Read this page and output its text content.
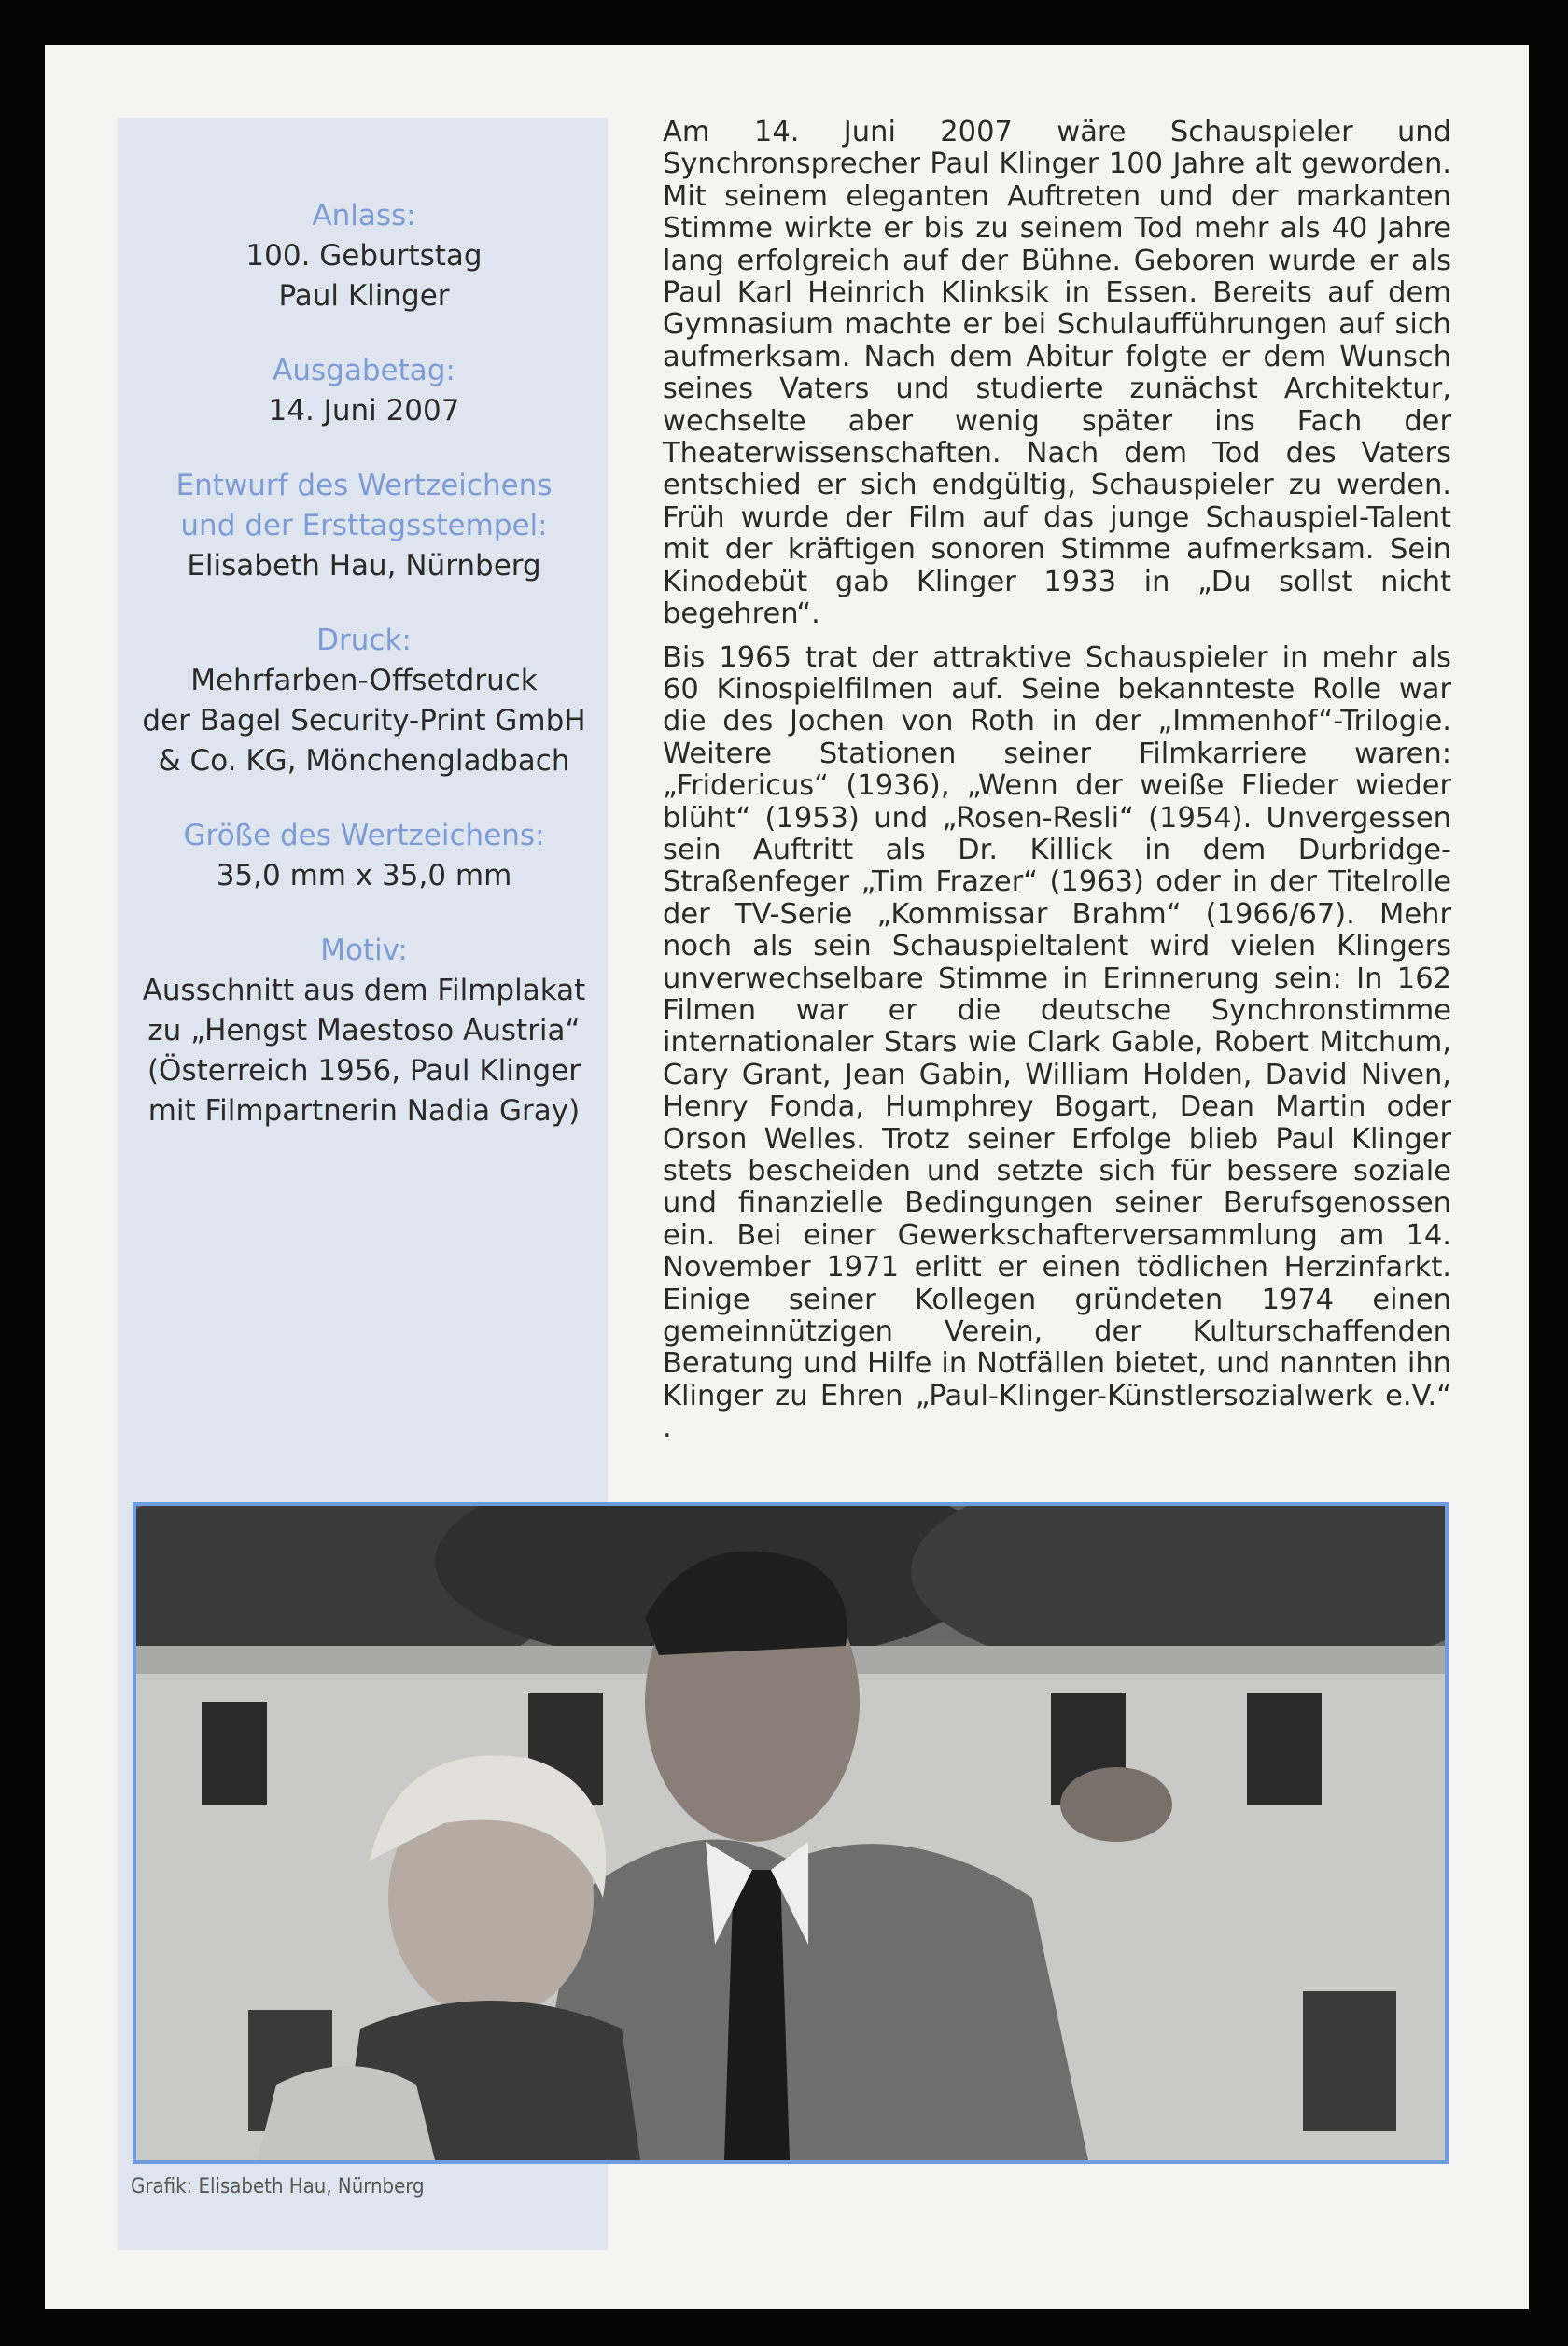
Anlass:
100. Geburtstag
Paul Klinger
Ausgabetag:
14. Juni 2007
Entwurf des Wertzeichens
und der Ersttagsstempel:
Elisabeth Hau, Nürnberg
Druck:
Mehrfarben-Offsetdruck
der Bagel Security-Print GmbH
& Co. KG, Mönchengladbach
Größe des Wertzeichens:
35,0 mm x 35,0 mm
Motiv:
Ausschnitt aus dem Filmplakat
zu „Hengst Maestoso Austria“
(Österreich 1956, Paul Klinger
mit Filmpartnerin Nadia Gray)

Am 14. Juni 2007 wäre Schauspieler und Synchronsprecher Paul Klinger 100 Jahre alt geworden. Mit seinem eleganten Auftreten und der markanten Stimme wirkte er bis zu seinem Tod mehr als 40 Jahre lang erfolgreich auf der Bühne. Geboren wurde er als Paul Karl Heinrich Klinksik in Essen. Bereits auf dem Gymnasium machte er bei Schulaufführungen auf sich aufmerksam. Nach dem Abitur folgte er dem Wunsch seines Vaters und studierte zunächst Architektur, wechselte aber wenig später ins Fach der Theaterwissenschaften. Nach dem Tod des Vaters entschied er sich endgültig, Schauspieler zu werden. Früh wurde der Film auf das junge Schauspiel-Talent mit der kräftigen sonoren Stimme aufmerksam. Sein Kinodebüt gab Klinger 1933 in „Du sollst nicht begehren“.

Bis 1965 trat der attraktive Schauspieler in mehr als 60 Kinospielfilmen auf. Seine bekannteste Rolle war die des Jochen von Roth in der „Immenhof“-Trilogie. Weitere Stationen seiner Filmkarriere waren: „Fridericus“ (1936), „Wenn der weiße Flieder wieder blüht“ (1953) und „Rosen-Resli“ (1954). Unvergessen sein Auftritt als Dr. Killick in dem Durbridge-Straßenfeger „Tim Frazer“ (1963) oder in der Titelrolle der TV-Serie „Kommissar Brahm“ (1966/67). Mehr noch als sein Schauspieltalent wird vielen Klingers unverwechselbare Stimme in Erinnerung sein: In 162 Filmen war er die deutsche Synchronstimme internationaler Stars wie Clark Gable, Robert Mitchum, Cary Grant, Jean Gabin, William Holden, David Niven, Henry Fonda, Humphrey Bogart, Dean Martin oder Orson Welles. Trotz seiner Erfolge blieb Paul Klinger stets bescheiden und setzte sich für bessere soziale und finanzielle Bedingungen seiner Berufsgenossen ein. Bei einer Gewerkschafterversammlung am 14. November 1971 erlitt er einen tödlichen Herzinfarkt. Einige seiner Kollegen gründeten 1974 einen gemeinnützigen Verein, der Kulturschaffenden Beratung und Hilfe in Notfällen bietet, und nannten ihn Klinger zu Ehren „Paul-Klinger-Künstlersozialwerk e.V.“ .

Grafik: Elisabeth Hau, Nürnberg
